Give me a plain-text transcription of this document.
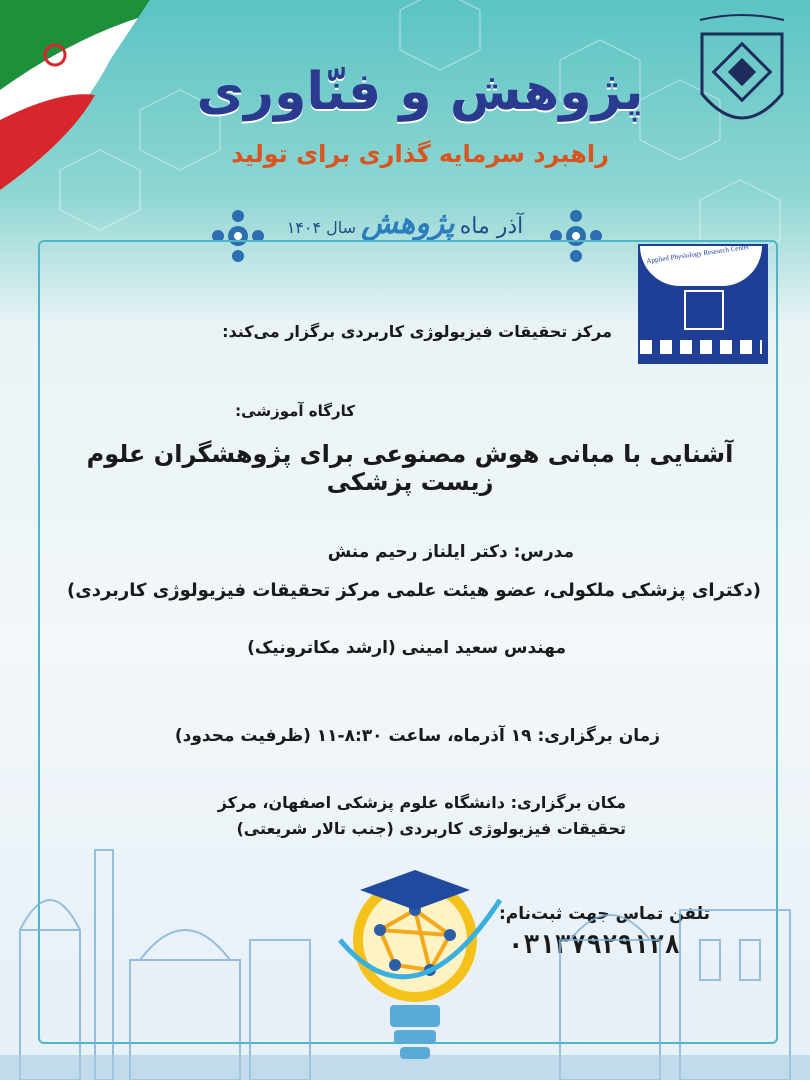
پژوهش و فنّاوری
راهبرد سرمایه گذاری برای تولید
آذر ماه پژوهش سال ۱۴۰۴
Applied Physiology Research Center
مرکز تحقیقات فیزیولوژی کاربردی برگزار می‌کند:
کارگاه آموزشی:
آشنایی با مبانی هوش مصنوعی برای پژوهشگران علوم زیست پزشکی
مدرس: دکتر ایلناز رحیم منش
(دکترای پزشکی ملکولی، عضو هیئت علمی مرکز تحقیقات فیزیولوژی کاربردی)
مهندس سعید امینی (ارشد مکاترونیک)
زمان برگزاری: ۱۹ آذرماه، ساعت ۸:۳۰-۱۱ (ظرفیت محدود)
مکان برگزاری: دانشگاه علوم پزشکی اصفهان، مرکز تحقیقات فیزیولوژی کاربردی (جنب تالار شریعتی)
تلفن تماس جهت ثبت‌نام:
۰۳۱۳۷۹۲۹۱۲۸
